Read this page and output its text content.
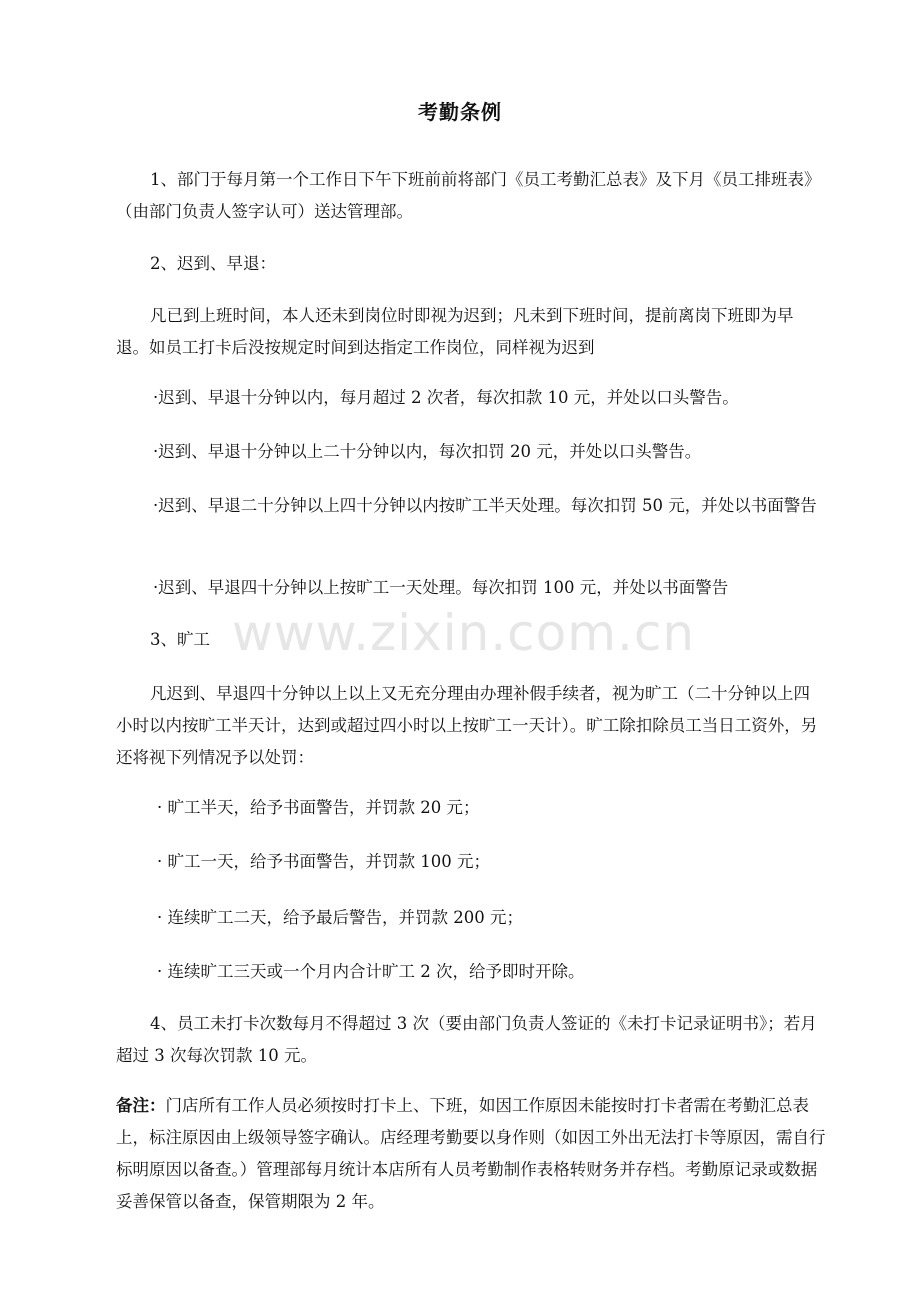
www.zixin.com.cn
考勤条例

1、部门于每月第一个工作日下午下班前前将部门《员工考勤汇总表》及下月《员工排班表》（由部门负责人签字认可）送达管理部。

2、迟到、早退：

凡已到上班时间，本人还未到岗位时即视为迟到；凡未到下班时间，提前离岗下班即为早退。如员工打卡后没按规定时间到达指定工作岗位，同样视为迟到

·迟到、早退十分钟以内，每月超过 2 次者，每次扣款 10 元，并处以口头警告。

·迟到、早退十分钟以上二十分钟以内，每次扣罚 20 元，并处以口头警告。

·迟到、早退二十分钟以上四十分钟以内按旷工半天处理。每次扣罚 50 元，并处以书面警告

·迟到、早退四十分钟以上按旷工一天处理。每次扣罚 100 元，并处以书面警告

3、旷工

凡迟到、早退四十分钟以上以上又无充分理由办理补假手续者，视为旷工（二十分钟以上四小时以内按旷工半天计，达到或超过四小时以上按旷工一天计）。旷工除扣除员工当日工资外，另还将视下列情况予以处罚：

· 旷工半天，给予书面警告，并罚款 20 元；

· 旷工一天，给予书面警告，并罚款 100 元；

· 连续旷工二天，给予最后警告，并罚款 200 元；

· 连续旷工三天或一个月内合计旷工 2 次，给予即时开除。

4、员工未打卡次数每月不得超过 3 次（要由部门负责人签证的《未打卡记录证明书》；若月超过 3 次每次罚款 10 元。

备注：门店所有工作人员必须按时打卡上、下班，如因工作原因未能按时打卡者需在考勤汇总表上，标注原因由上级领导签字确认。店经理考勤要以身作则（如因工外出无法打卡等原因，需自行标明原因以备查。）管理部每月统计本店所有人员考勤制作表格转财务并存档。考勤原记录或数据妥善保管以备查，保管期限为 2 年。
